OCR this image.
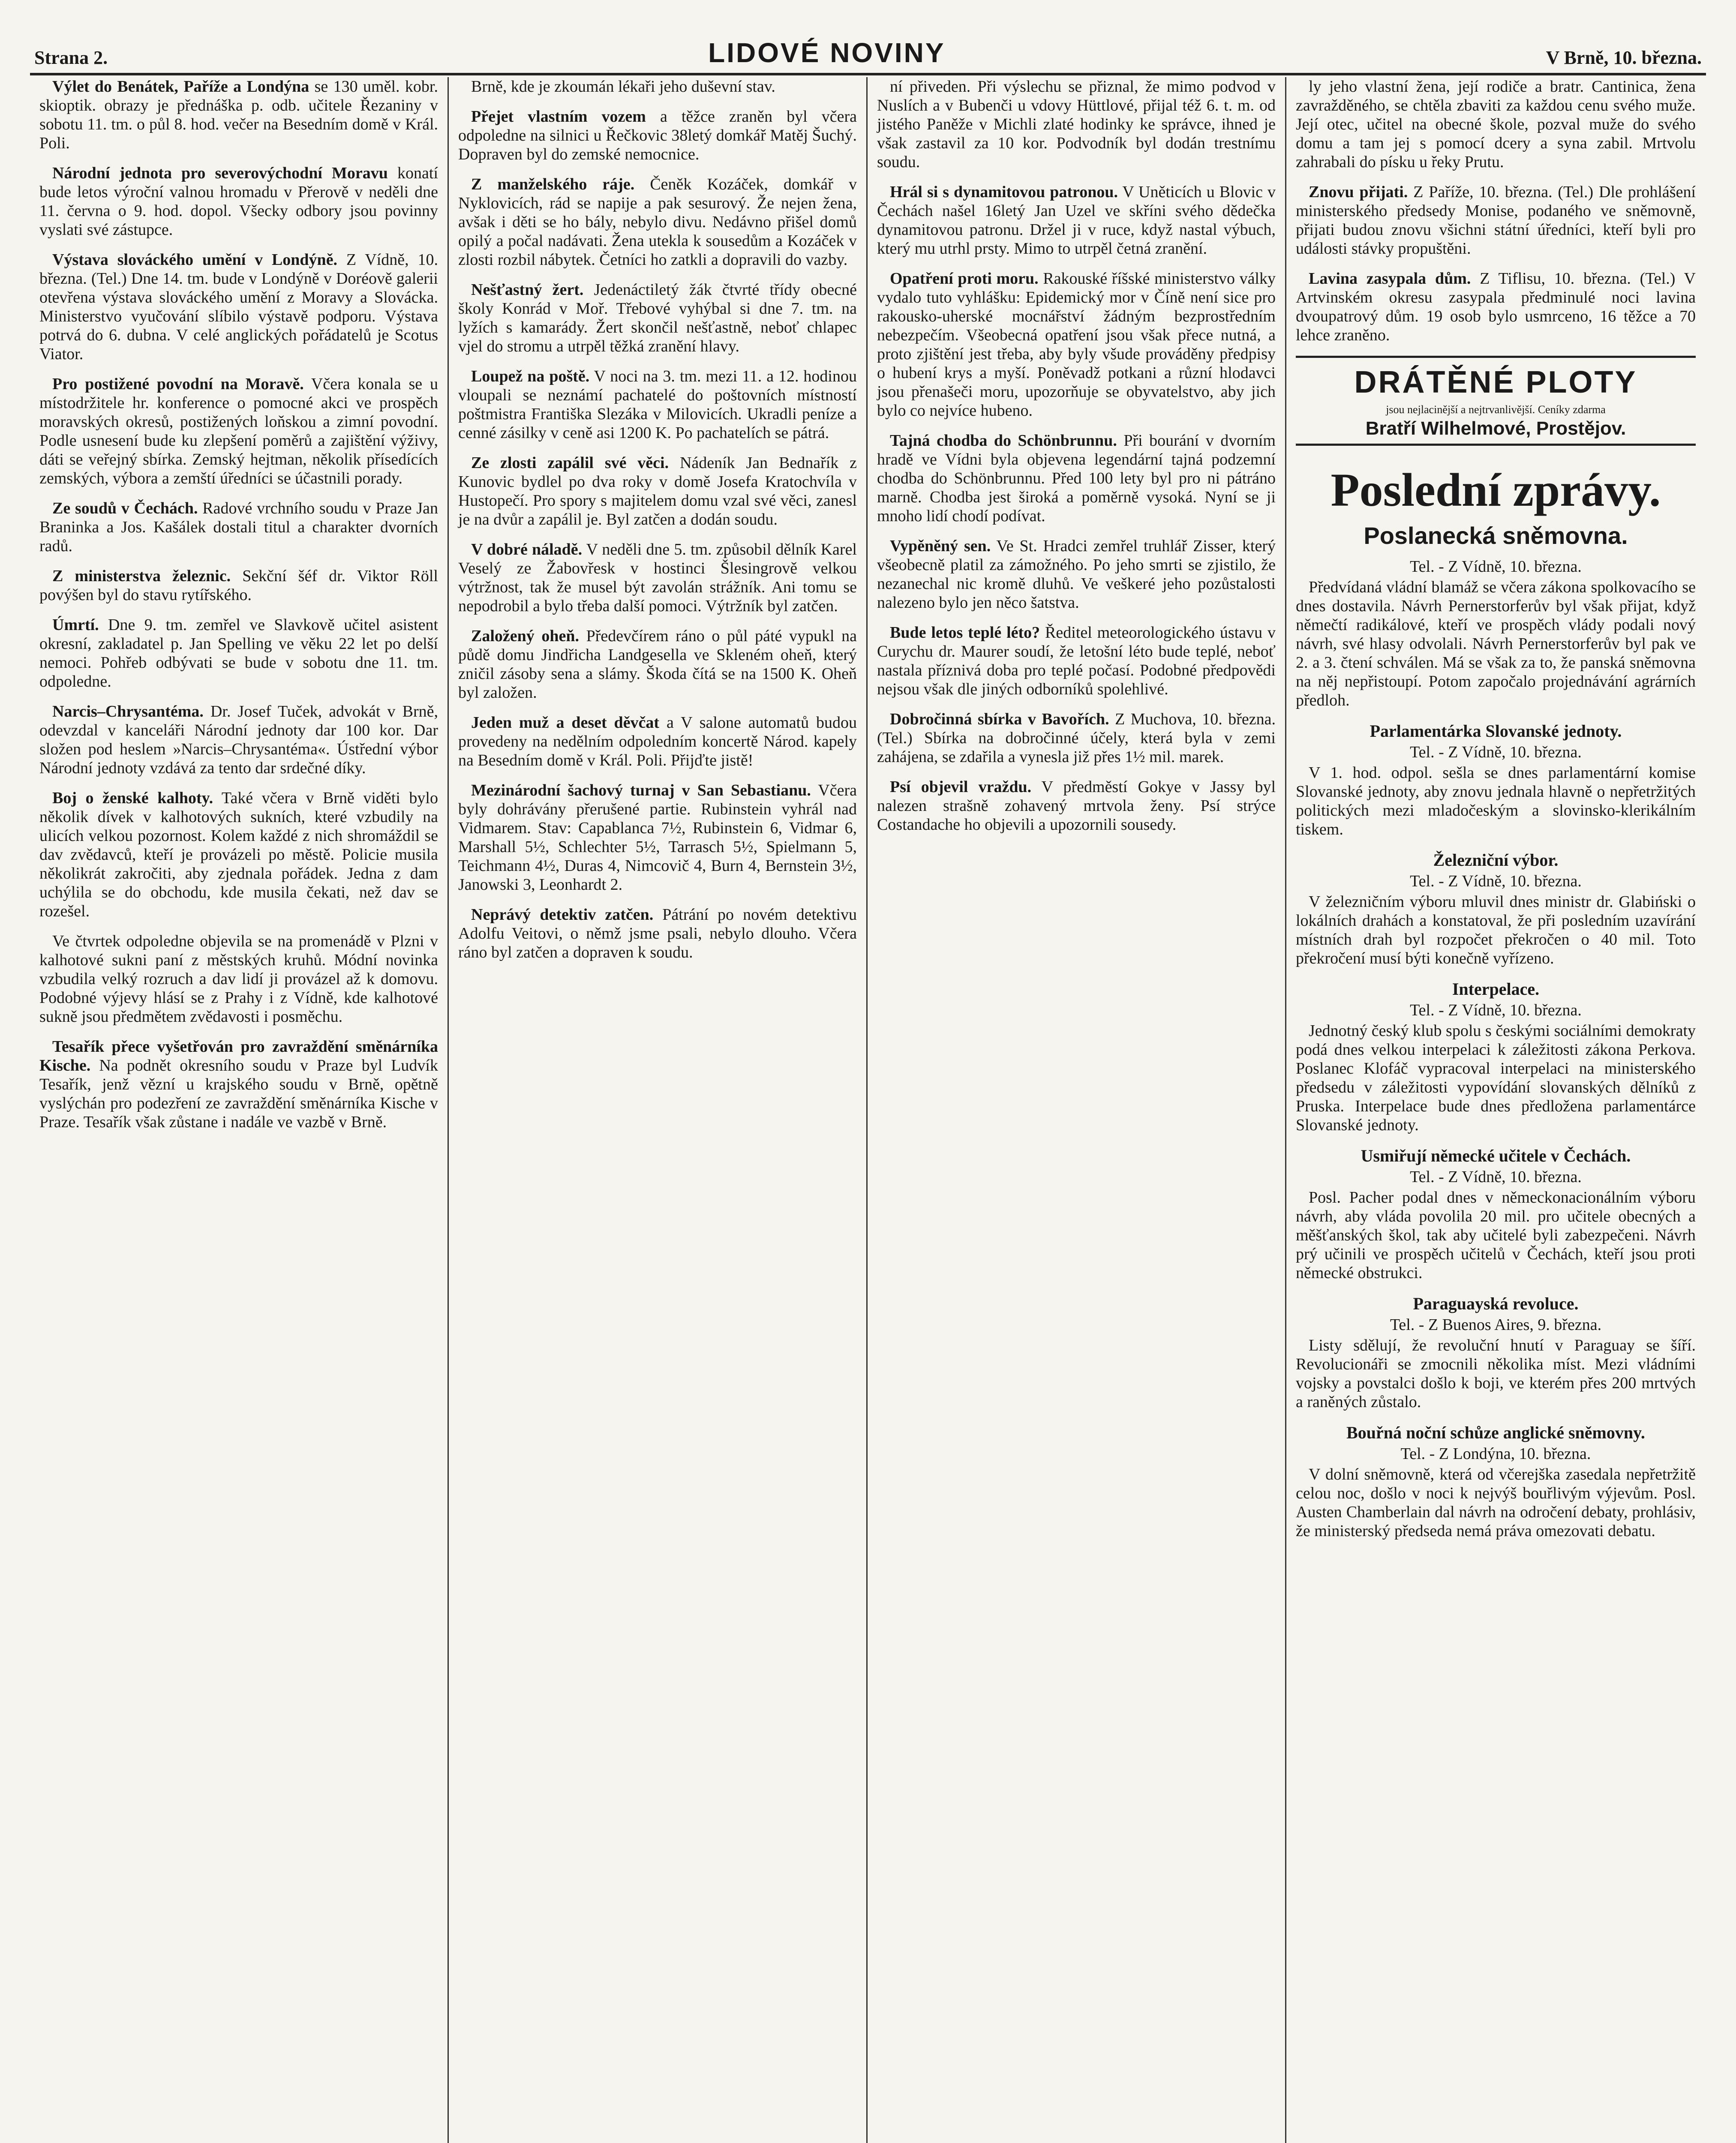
Strana 2.	LIDOVÉ NOVINY	V Brně, 10. března.

Výlet do Benátek, Paříže a Londýna se 130 uměl. kobr. skioptik. obrazy je přednáška p. odb. učitele Řezaniny v sobotu 11. tm. o půl 8. hod. večer na Besedním domě v Král. Poli.

Národní jednota pro severovýchodní Moravu konatí bude letos výroční valnou hromadu v Přerově v neděli dne 11. června o 9. hod. dopol. Všecky odbory jsou povinny vyslati své zástupce.

Výstava slováckého umění v Londýně. Z Vídně, 10. března. (Tel.) Dne 14. tm. bude v Londýně v Doréově galerii otevřena výstava slováckého umění z Moravy a Slovácka. Ministerstvo vyučování slíbilo výstavě podporu. Výstava potrvá do 6. dubna. V celé anglických pořádatelů je Scotus Viator.

Pro postižené povodní na Moravě. Včera konala se u místodržitele hr. konference o pomocné akci ve prospěch moravských okresů, postižených loňskou a zimní povodní. Podle usnesení bude ku zlepšení poměrů a zajištění výživy, dáti se veřejný sbírka. Zemský hejtman, několik přísedících zemských, výbora a zemští úředníci se účastnili porady.

Ze soudů v Čechách. Radové vrchního soudu v Praze Jan Braninka a Jos. Kašálek dostali titul a charakter dvorních radů.

Z ministerstva železnic. Sekční šéf dr. Viktor Röll povýšen byl do stavu rytířského.

Úmrtí. Dne 9. tm. zemřel ve Slavkově učitel asistent okresní, zakladatel p. Jan Spelling ve věku 22 let po delší nemoci. Pohřeb odbývati se bude v sobotu dne 11. tm. odpoledne.

Narcis–Chrysantéma. Dr. Josef Tuček, advokát v Brně, odevzdal v kanceláři Národní jednoty dar 100 kor. Dar složen pod heslem »Narcis–Chrysantéma«. Ústřední výbor Národní jednoty vzdává za tento dar srdečné díky.

Boj o ženské kalhoty. Také včera v Brně viděti bylo několik dívek v kalhotových sukních, které vzbudily na ulicích velkou pozornost. Kolem každé z nich shromáždil se dav zvědavců, kteří je provázeli po městě. Policie musila několikrát zakročiti, aby zjednala pořádek. Jedna z dam uchýlila se do obchodu, kde musila čekati, než dav se rozešel.

Ve čtvrtek odpoledne objevila se na promenádě v Plzni v kalhotové sukni paní z městských kruhů. Módní novinka vzbudila velký rozruch a dav lidí ji provázel až k domovu. Podobné výjevy hlásí se z Prahy i z Vídně, kde kalhotové sukně jsou předmětem zvědavosti i posměchu.

Tesařík přece vyšetřován pro zavraždění směnárníka Kische. Na podnět okresního soudu v Praze byl Ludvík Tesařík, jenž vězní u krajského soudu v Brně, opětně vyslýchán pro podezření ze zavraždění směnárníka Kische v Praze. Tesařík však zůstane i nadále ve vazbě v Brně.

Brně, kde je zkoumán lékaři jeho duševní stav.

Přejet vlastním vozem a těžce zraněn byl včera odpoledne na silnici u Řečkovic 38letý domkář Matěj Šuchý. Dopraven byl do zemské nemocnice.

Z manželského ráje. Čeněk Kozáček, domkář v Nyklovicích, rád se napije a pak sesurový. Že nejen žena, avšak i děti se ho bály, nebylo divu. Nedávno přišel domů opilý a počal nadávati. Žena utekla k sousedům a Kozáček v zlosti rozbil nábytek. Četníci ho zatkli a dopravili do vazby.

Nešťastný žert. Jedenáctiletý žák čtvrté třídy obecné školy Konrád v Moř. Třebové vyhýbal si dne 7. tm. na lyžích s kamarády. Žert skončil nešťastně, neboť chlapec vjel do stromu a utrpěl těžká zranění hlavy.

Loupež na poště. V noci na 3. tm. mezi 11. a 12. hodinou vloupali se neznámí pachatelé do poštovních místností poštmistra Františka Slezáka v Milovicích. Ukradli peníze a cenné zásilky v ceně asi 1200 K. Po pachatelích se pátrá.

Ze zlosti zapálil své věci. Nádeník Jan Bednařík z Kunovic bydlel po dva roky v domě Josefa Kratochvíla v Hustopečí. Pro spory s majitelem domu vzal své věci, zanesl je na dvůr a zapálil je. Byl zatčen a dodán soudu.

V dobré náladě. V neděli dne 5. tm. způsobil dělník Karel Veselý ze Žabovřesk v hostinci Šlesingrově velkou výtržnost, tak že musel být zavolán strážník. Ani tomu se nepodrobil a bylo třeba další pomoci. Výtržník byl zatčen.

Založený oheň. Předevčírem ráno o půl páté vypukl na půdě domu Jindřicha Landgesella ve Skleném oheň, který zničil zásoby sena a slámy. Škoda čítá se na 1500 K. Oheň byl založen.

Jeden muž a deset děvčat a V salone automatů budou provedeny na nedělním odpoledním koncertě Národ. kapely na Besedním domě v Král. Poli. Přijďte jistě!

Mezinárodní šachový turnaj v San Sebastianu. Včera byly dohrávány přerušené partie. Rubinstein vyhrál nad Vidmarem. Stav: Capablanca 7½, Rubinstein 6, Vidmar 6, Marshall 5½, Schlechter 5½, Tarrasch 5½, Spielmann 5, Teichmann 4½, Duras 4, Nimcovič 4, Burn 4, Bernstein 3½, Janowski 3, Leonhardt 2.

Neprávý detektiv zatčen. Pátrání po novém detektivu Adolfu Veitovi, o němž jsme psali, nebylo dlouho. Včera ráno byl zatčen a dopraven k soudu.

ní přiveden. Při výslechu se přiznal, že mimo podvod v Nuslích a v Bubenči u vdovy Hüttlové, přijal též 6. t. m. od jistého Paněže v Michli zlaté hodinky ke správce, ihned je však zastavil za 10 kor. Podvodník byl dodán trestnímu soudu.

Hrál si s dynamitovou patronou. V Uněticích u Blovic v Čechách našel 16letý Jan Uzel ve skříni svého dědečka dynamitovou patronu. Držel ji v ruce, když nastal výbuch, který mu utrhl prsty. Mimo to utrpěl četná zranění.

Opatření proti moru. Rakouské říšské ministerstvo války vydalo tuto vyhlášku: Epidemický mor v Číně není sice pro rakousko-uherské mocnářství žádným bezprostředním nebezpečím. Všeobecná opatření jsou však přece nutná, a proto zjištění jest třeba, aby byly všude prováděny předpisy o hubení krys a myší. Poněvadž potkani a různí hlodavci jsou přenašeči moru, upozorňuje se obyvatelstvo, aby jich bylo co nejvíce hubeno.

Tajná chodba do Schönbrunnu. Při bourání v dvorním hradě ve Vídni byla objevena legendární tajná podzemní chodba do Schönbrunnu. Před 100 lety byl pro ni pátráno marně. Chodba jest široká a poměrně vysoká. Nyní se ji mnoho lidí chodí podívat.

Vypěněný sen. Ve St. Hradci zemřel truhlář Zisser, který všeobecně platil za zámožného. Po jeho smrti se zjistilo, že nezanechal nic kromě dluhů. Ve veškeré jeho pozůstalosti nalezeno bylo jen něco šatstva.

Bude letos teplé léto? Ředitel meteorologického ústavu v Curychu dr. Maurer soudí, že letošní léto bude teplé, neboť nastala příznivá doba pro teplé počasí. Podobné předpovědi nejsou však dle jiných odborníků spolehlivé.

Dobročinná sbírka v Bavořích. Z Muchova, 10. března. (Tel.) Sbírka na dobročinné účely, která byla v zemi zahájena, se zdařila a vynesla již přes 1½ mil. marek.

Psí objevil vraždu. V předměstí Gokye v Jassy byl nalezen strašně zohavený mrtvola ženy. Psí strýce Costandache ho objevili a upozornili sousedy.

ly jeho vlastní žena, její rodiče a bratr. Cantinica, žena zavražděného, se chtěla zbaviti za každou cenu svého muže. Její otec, učitel na obecné škole, pozval muže do svého domu a tam jej s pomocí dcery a syna zabil. Mrtvolu zahrabali do písku u řeky Prutu.

Znovu přijati. Z Paříže, 10. března. (Tel.) Dle prohlášení ministerského předsedy Monise, podaného ve sněmovně, přijati budou znovu všichni státní úředníci, kteří byli pro události stávky propuštěni.

Lavina zasypala dům. Z Tiflisu, 10. března. (Tel.) V Artvinském okresu zasypala předminulé noci lavina dvoupatrový dům. 19 osob bylo usmrceno, 16 těžce a 70 lehce zraněno.

DRÁTĚNÉ PLOTY
jsou nejlacinější a nejtrvanlivější. Ceníky zdarma
Bratří Wilhelmové, Prostějov.
Poslední zprávy.
Poslanecká sněmovna.
Tel. - Z Vídně, 10. března.

Předvídaná vládní blamáž se včera zákona spolkovacího se dnes dostavila. Návrh Pernerstorferův byl však přijat, když němečtí radikálové, kteří ve prospěch vlády podali nový návrh, své hlasy odvolali. Návrh Pernerstorferův byl pak ve 2. a 3. čtení schválen. Má se však za to, že panská sněmovna na něj nepřistoupí. Potom započalo projednávání agrárních předloh.

Parlamentárka Slovanské jednoty.
Tel. - Z Vídně, 10. března.

V 1. hod. odpol. sešla se dnes parlamentární komise Slovanské jednoty, aby znovu jednala hlavně o nepřetržitých politických mezi mladočeským a slovinsko-klerikálním tiskem.

Železniční výbor.
Tel. - Z Vídně, 10. března.

V železničním výboru mluvil dnes ministr dr. Glabiński o lokálních drahách a konstatoval, že při posledním uzavírání místních drah byl rozpočet překročen o 40 mil. Toto překročení musí býti konečně vyřízeno.

Interpelace.
Tel. - Z Vídně, 10. března.

Jednotný český klub spolu s českými sociálními demokraty podá dnes velkou interpelaci k záležitosti zákona Perkova. Poslanec Klofáč vypracoval interpelaci na ministerského předsedu v záležitosti vypovídání slovanských dělníků z Pruska. Interpelace bude dnes předložena parlamentárce Slovanské jednoty.

Usmiřují německé učitele v Čechách.
Tel. - Z Vídně, 10. března.

Posl. Pacher podal dnes v německonacionálním výboru návrh, aby vláda povolila 20 mil. pro učitele obecných a měšťanských škol, tak aby učitelé byli zabezpečeni. Návrh prý učinili ve prospěch učitelů v Čechách, kteří jsou proti německé obstrukci.

Paraguayská revoluce.
Tel. - Z Buenos Aires, 9. března.

Listy sdělují, že revoluční hnutí v Paraguay se šíří. Revolucionáři se zmocnili několika míst. Mezi vládními vojsky a povstalci došlo k boji, ve kterém přes 200 mrtvých a raněných zůstalo.

Bouřná noční schůze anglické sněmovny.
Tel. - Z Londýna, 10. března.

V dolní sněmovně, která od včerejška zasedala nepřetržitě celou noc, došlo v noci k nejvýš bouřlivým výjevům. Posl. Austen Chamberlain dal návrh na odročení debaty, prohlásiv, že ministerský předseda nemá práva omezovati debatu.
